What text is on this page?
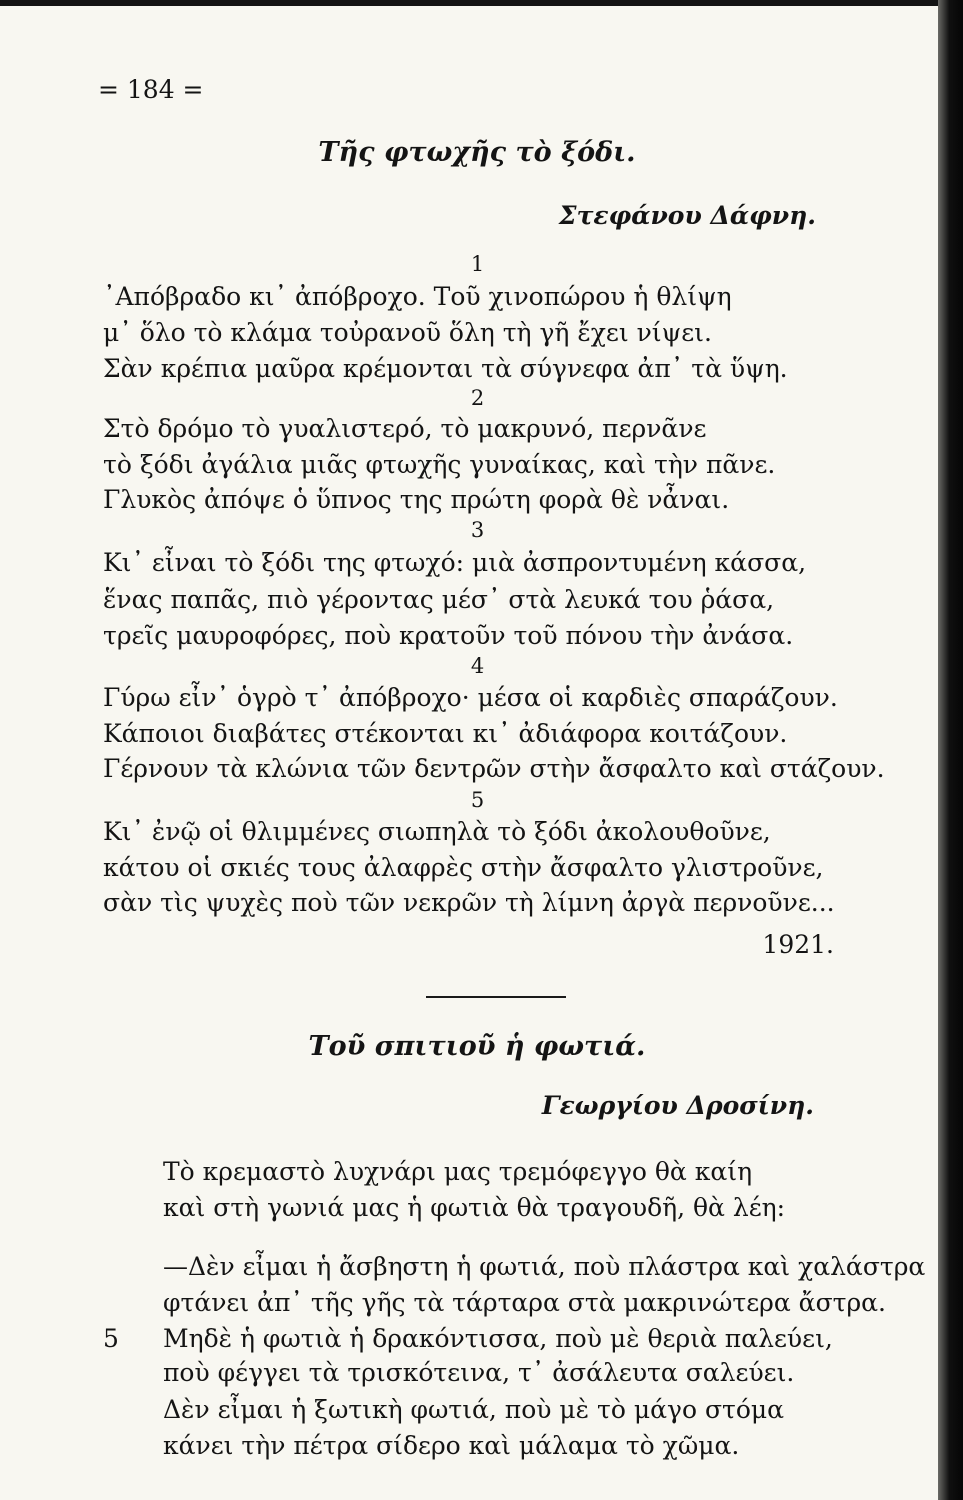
= 184 =
Τῆς φτωχῆς τὸ ξόδι.
Στεφάνου Δάφνη.
1
᾿Απόβραδο κι᾿ ἀπόβροχο. Τοῦ χινοπώρου ἡ θλίψη
μ᾿ ὅλο τὸ κλάμα τοὐρανοῦ ὅλη τὴ γῆ ἔχει νίψει.
Σὰν κρέπια μαῦρα κρέμονται τὰ σύγνεφα ἀπ᾿ τὰ ὕψη.
2
Στὸ δρόμο τὸ γυαλιστερό, τὸ μακρυνό, περνᾶνε
τὸ ξόδι ἀγάλια μιᾶς φτωχῆς γυναίκας, καὶ τὴν πᾶνε.
Γλυκὸς ἀπόψε ὁ ὕπνος της πρώτη φορὰ θὲ νἆναι.
3
Κι᾿ εἶναι τὸ ξόδι της φτωχό: μιὰ ἀσπροντυμένη κάσσα,
ἕνας παπᾶς, πιὸ γέροντας μέσ᾿ στὰ λευκά του ῥάσα,
τρεῖς μαυροφόρες, ποὺ κρατοῦν τοῦ πόνου τὴν ἀνάσα.
4
Γύρω εἶν᾿ ὁγρὸ τ᾿ ἀπόβροχο· μέσα οἱ καρδιὲς σπαράζουν.
Κάποιοι διαβάτες στέκονται κι᾿ ἀδιάφορα κοιτάζουν.
Γέρνουν τὰ κλώνια τῶν δεντρῶν στὴν ἄσφαλτο καὶ στάζουν.
5
Κι᾿ ἐνῷ οἱ θλιμμένες σιωπηλὰ τὸ ξόδι ἀκολουθοῦνε,
κάτου οἱ σκιές τους ἀλαφρὲς στὴν ἄσφαλτο γλιστροῦνε,
σὰν τὶς ψυχὲς ποὺ τῶν νεκρῶν τὴ λίμνη ἀργὰ περνοῦνε...
1921.
Τοῦ σπιτιοῦ ἡ φωτιά.
Γεωργίου Δροσίνη.
Τὸ κρεμαστὸ λυχνάρι μας τρεμόφεγγο θὰ καίη
καὶ στὴ γωνιά μας ἡ φωτιὰ θὰ τραγουδῆ, θὰ λέη:
—Δὲν εἶμαι ἡ ἄσβηστη ἡ φωτιά, ποὺ πλάστρα καὶ χαλάστρα
φτάνει ἀπ᾿ τῆς γῆς τὰ τάρταρα στὰ μακρινώτερα ἄστρα.
5 Μηδὲ ἡ φωτιὰ ἡ δρακόντισσα, ποὺ μὲ θεριὰ παλεύει,
ποὺ φέγγει τὰ τρισκότεινα, τ᾿ ἀσάλευτα σαλεύει.
Δὲν εἶμαι ἡ ξωτικὴ φωτιά, ποὺ μὲ τὸ μάγο στόμα
κάνει τὴν πέτρα σίδερο καὶ μάλαμα τὸ χῶμα.
